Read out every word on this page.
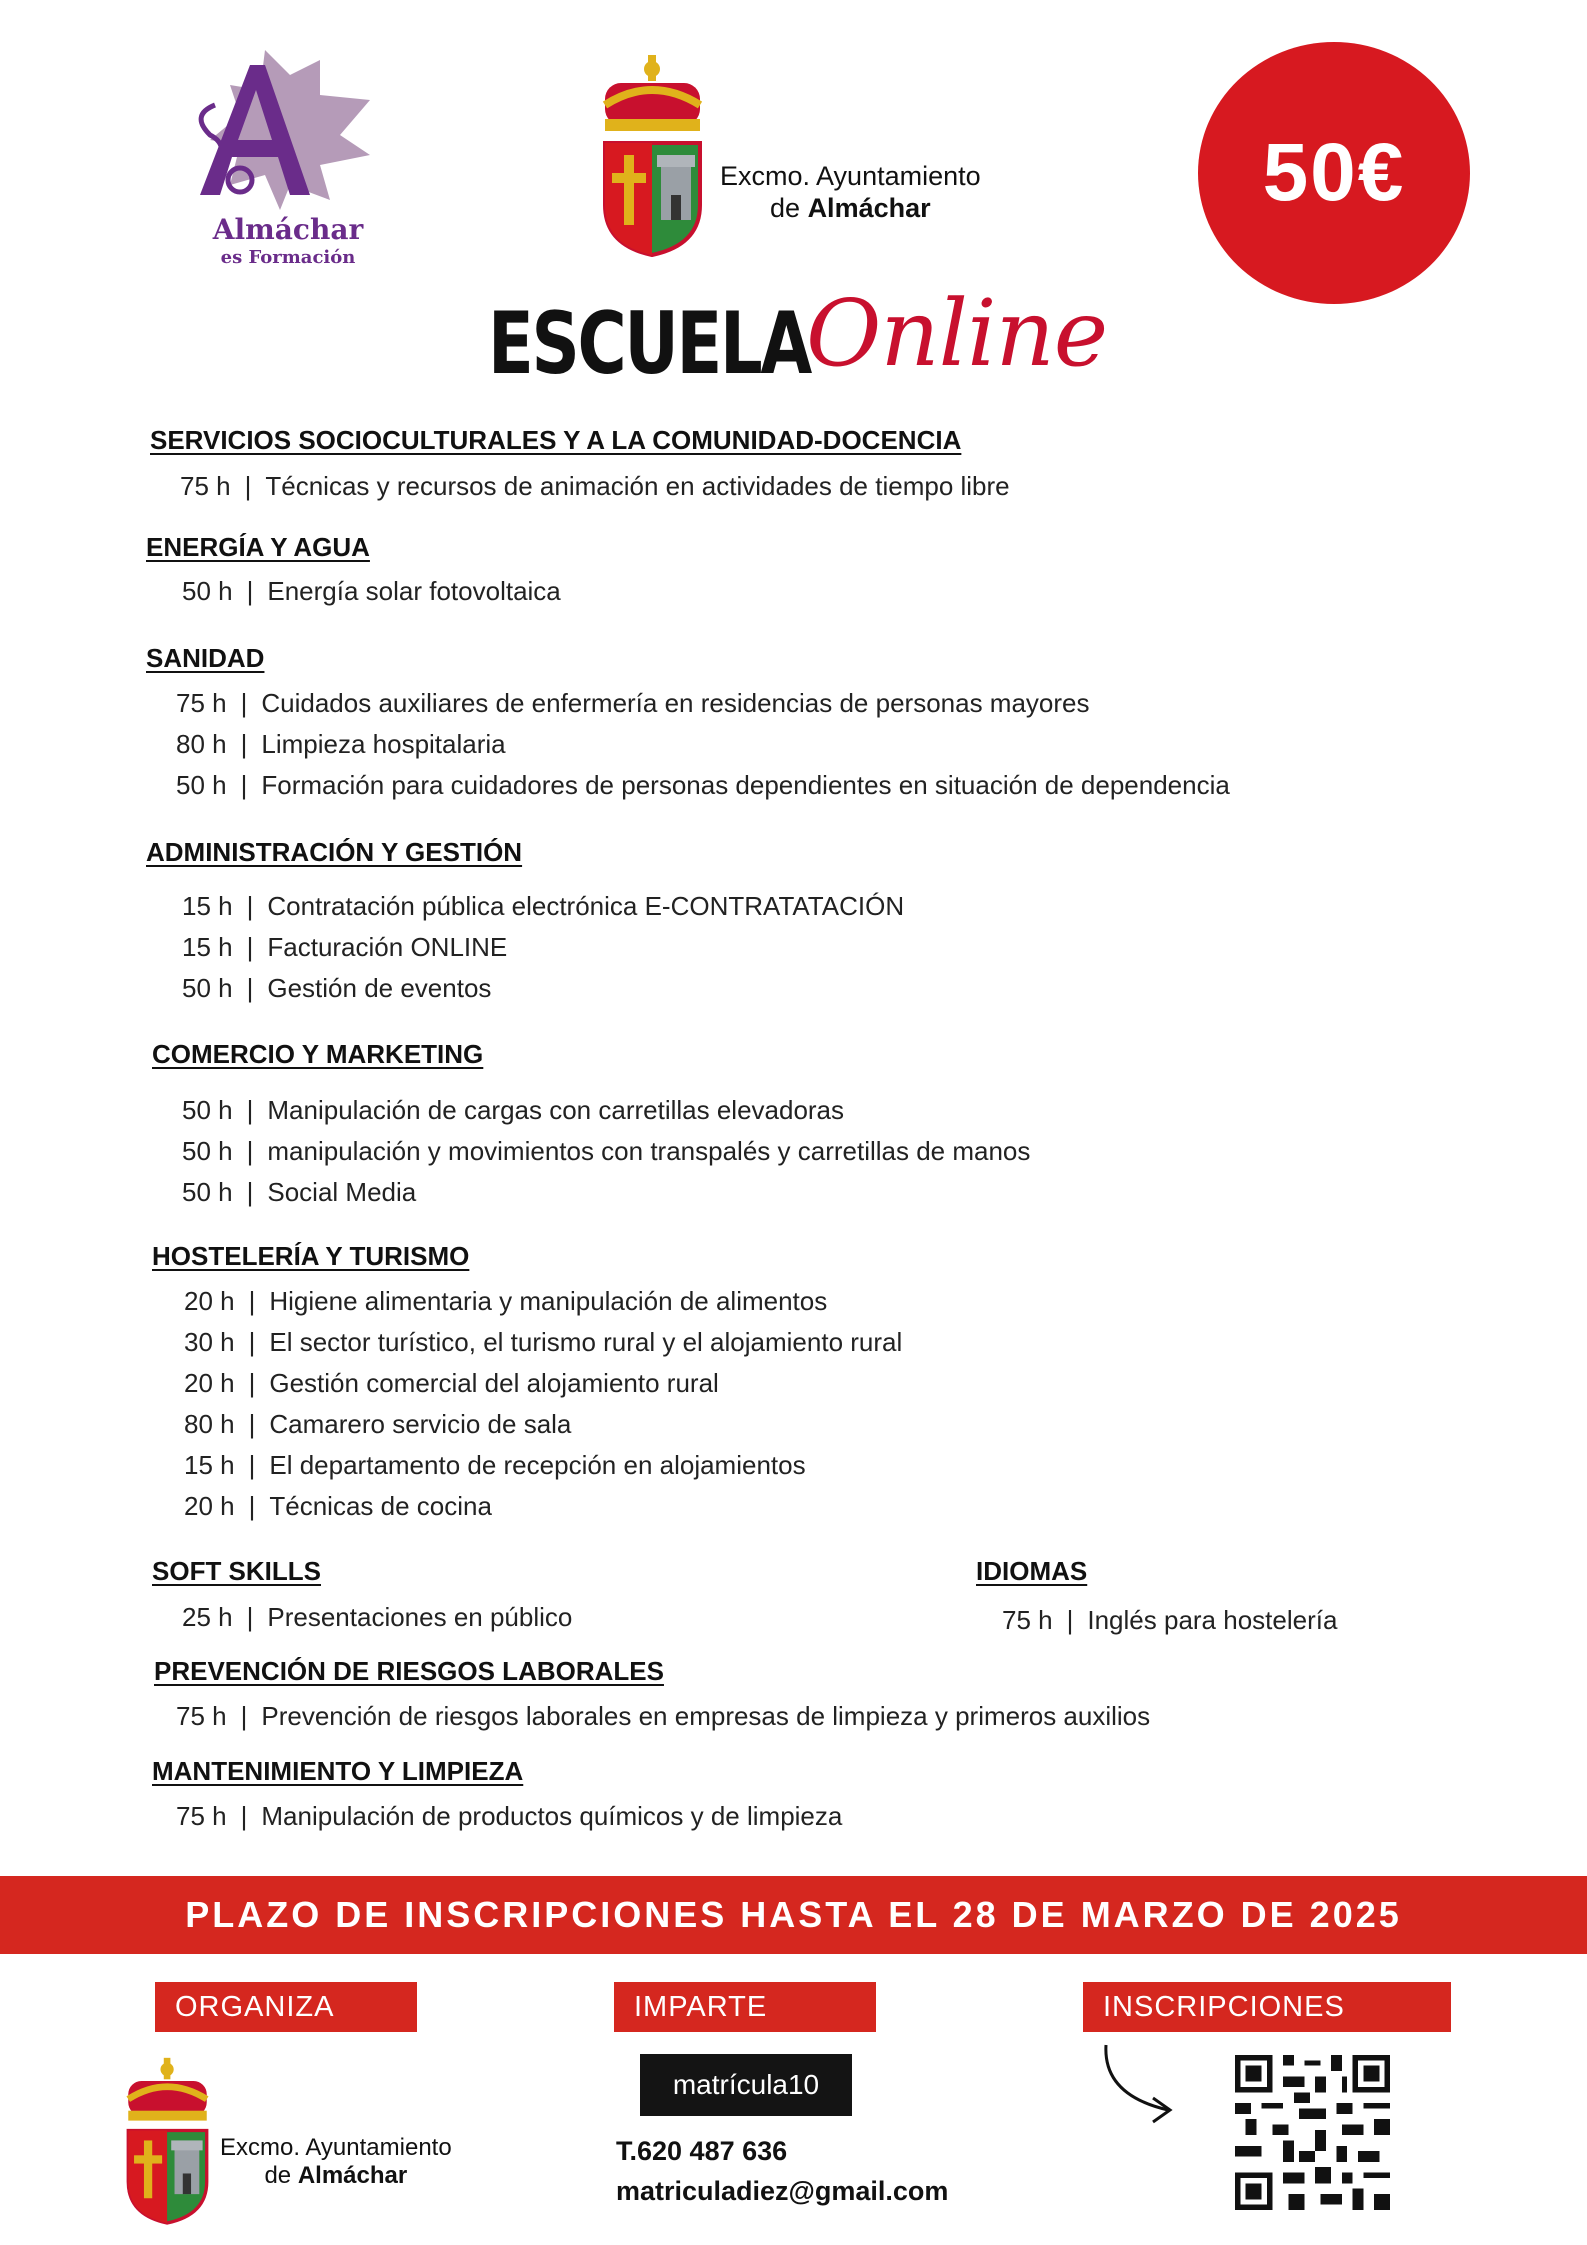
Almáchar
es Formación
Excmo. Ayuntamiento
de Almáchar	50€
ESCUELA
Online
SERVICIOS SOCIOCULTURALES Y A LA COMUNIDAD-DOCENCIA
75 h | Técnicas y recursos de animación en actividades de tiempo libre
ENERGÍA Y AGUA
50 h | Energía solar fotovoltaica
SANIDAD
75 h | Cuidados auxiliares de enfermería en residencias de personas mayores
80 h | Limpieza hospitalaria
50 h | Formación para cuidadores de personas dependientes en situación de dependencia
ADMINISTRACIÓN Y GESTIÓN
15 h | Contratación pública electrónica E-CONTRATATACIÓN
15 h | Facturación ONLINE
50 h | Gestión de eventos
COMERCIO Y MARKETING
50 h | Manipulación de cargas con carretillas elevadoras
50 h | manipulación y movimientos con transpalés y carretillas de manos
50 h | Social Media
HOSTELERÍA Y TURISMO
20 h | Higiene alimentaria y manipulación de alimentos
30 h | El sector turístico, el turismo rural y el alojamiento rural
20 h | Gestión comercial del alojamiento rural
80 h | Camarero servicio de sala
15 h | El departamento de recepción en alojamientos
20 h | Técnicas de cocina
SOFT SKILLS
25 h | Presentaciones en público
IDIOMAS
75 h | Inglés para hostelería
PREVENCIÓN DE RIESGOS LABORALES
75 h | Prevención de riesgos laborales en empresas de limpieza y primeros auxilios
MANTENIMIENTO Y LIMPIEZA
75 h | Manipulación de productos químicos y de limpieza
PLAZO DE INSCRIPCIONES HASTA EL 28 DE MARZO DE 2025
ORGANIZA	IMPARTE	INSCRIPCIONES
Excmo. Ayuntamiento
de Almáchar
matrícula10
T.620 487 636
matriculadiez@gmail.com
